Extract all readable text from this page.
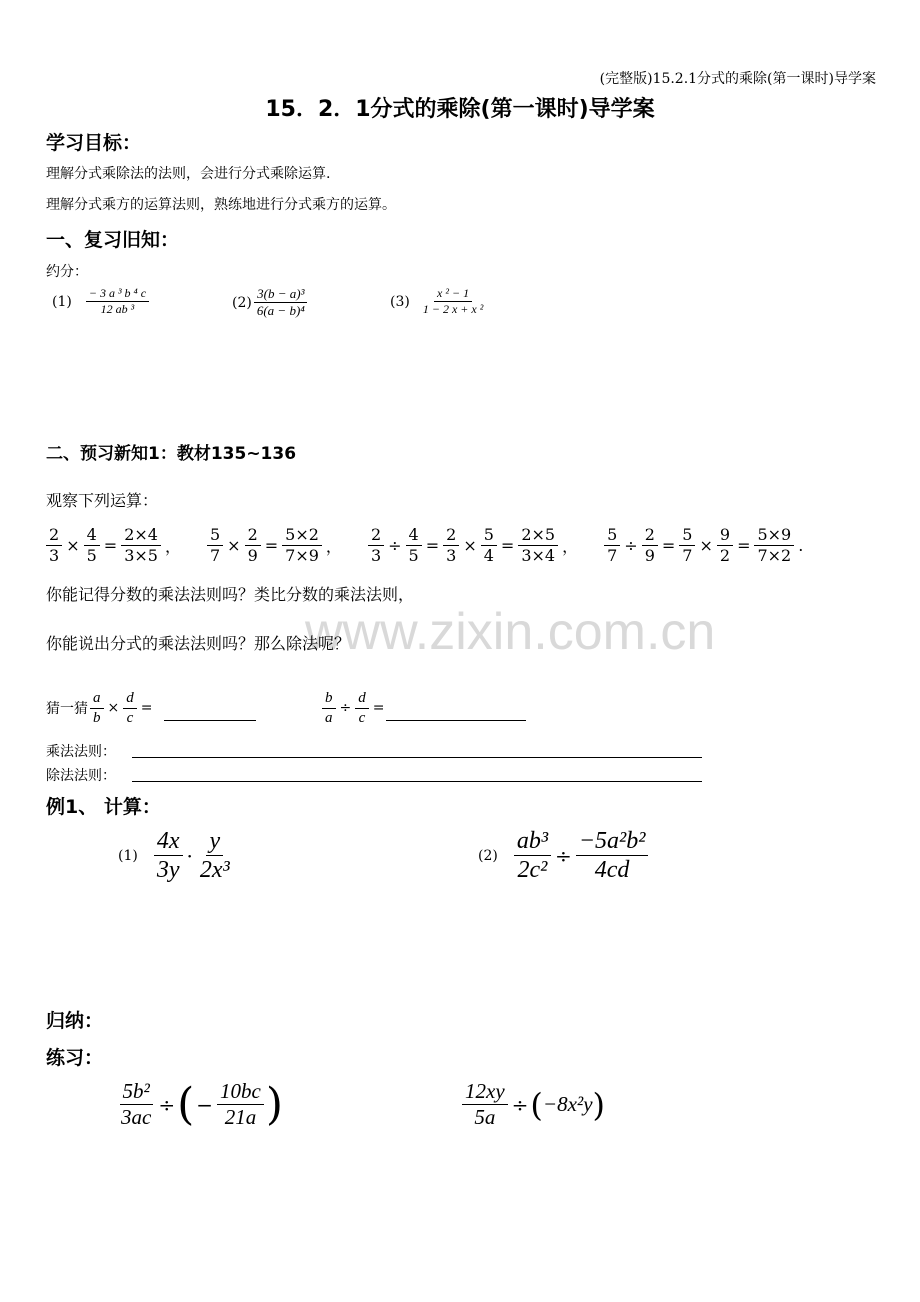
(完整版)15.2.1分式的乘除(第一课时)导学案
15．2．1分式的乘除(第一课时)导学案
www.zixin.com.cn
学习目标：
理解分式乘除法的法则，会进行分式乘除运算.
理解分式乘方的运算法则，熟练地进行分式乘方的运算。
一、复习旧知：
约分：
$(1) \frac{\text{− 3 a ³ b ⁴ c}}{\text{12 ab ³}}$	$(2) \frac{\text{3(b − a)³}}{\text{6(a − b)⁴}}$	$(3) \frac{\text{x ² − 1}}{\text{1 − 2 x + x ²}}$
二、预习新知1：教材135~136
观察下列运算：
$\frac{2}{3} \times \frac{4}{5} = \frac{2\times 4}{3\times 5}$ ， $\frac{5}{7} \times \frac{2}{9} = \frac{5\times 2}{7\times 9}$ ， $\frac{2}{3} \div \frac{4}{5} = \frac{2}{3} \times \frac{5}{4} = \frac{2\times 5}{3\times 4}$ ， $\frac{5}{7} \div \frac{2}{9} = \frac{5}{7} \times \frac{9}{2} = \frac{5\times 9}{7\times 2}$ .
你能记得分数的乘法法则吗？类比分数的乘法法则，
你能说出分式的乘法法则吗？那么除法呢？
猜一猜 $\frac{a}{b} \times \frac{d}{c}$ =	$\frac{b}{a} \div \frac{d}{c}$ =
乘法法则：
除法法则：
例1、 计算：
$(1) \frac{4x}{3y} \cdot \frac{y}{\text{2x³}}$	$(2) \frac{\text{ab³}}{\text{2c²}} \div \frac{\text{−5a²b²}}{4cd}$
归纳：
练习：
$\frac{\text{5b²}}{3ac}$ ÷ ( − $\frac{10bc}{21a}$ )	$\frac{12xy}{5a}$ ÷ ( −8x²y )
